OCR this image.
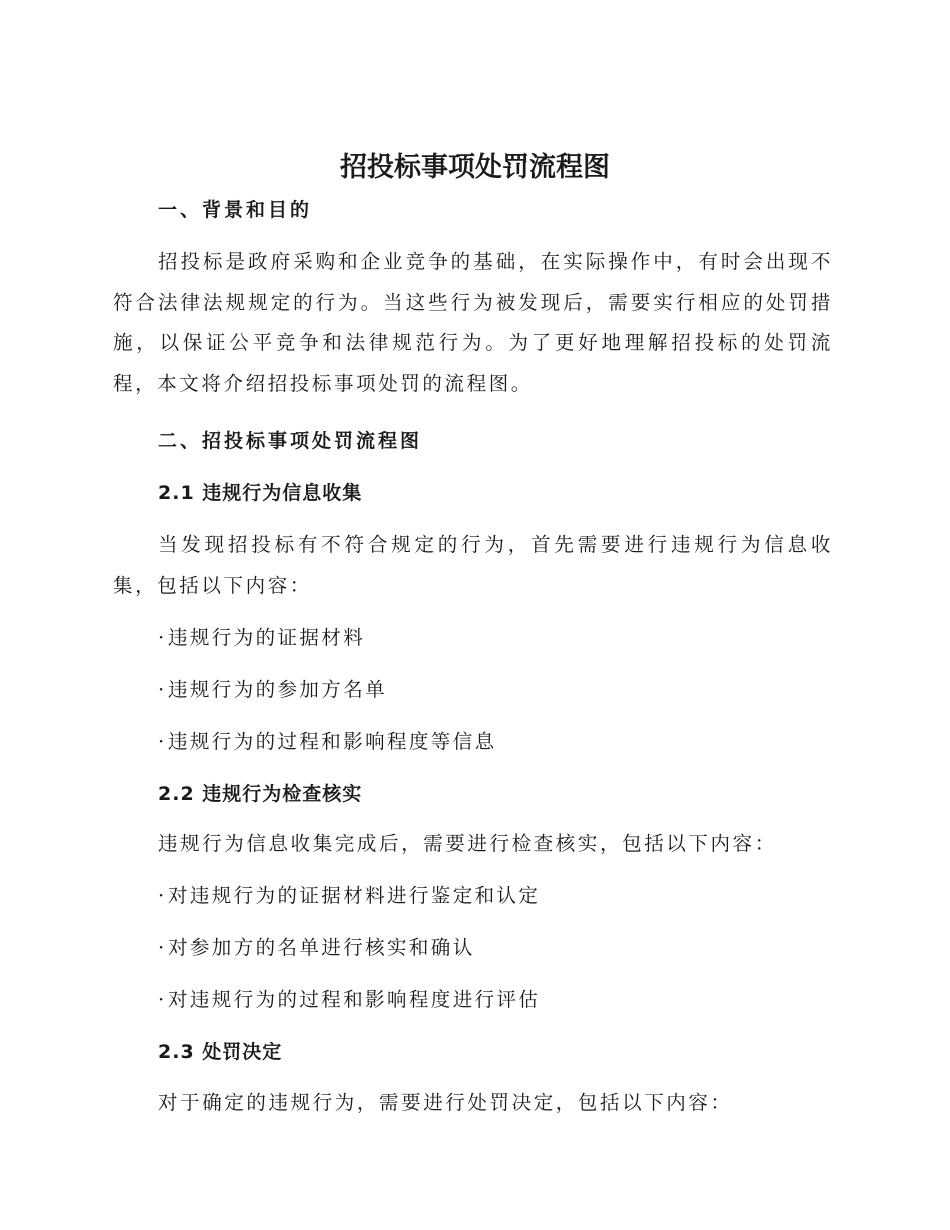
招投标事项处罚流程图
一、背景和目的

招投标是政府采购和企业竞争的基础，在实际操作中，有时会出现不符合法律法规规定的行为。当这些行为被发现后，需要实行相应的处罚措施，以保证公平竞争和法律规范行为。为了更好地理解招投标的处罚流程，本文将介绍招投标事项处罚的流程图。

二、招投标事项处罚流程图
2.1 违规行为信息收集

当发现招投标有不符合规定的行为，首先需要进行违规行为信息收集，包括以下内容：

·违规行为的证据材料
·违规行为的参加方名单
·违规行为的过程和影响程度等信息
2.2 违规行为检查核实

违规行为信息收集完成后，需要进行检查核实，包括以下内容：

·对违规行为的证据材料进行鉴定和认定
·对参加方的名单进行核实和确认
·对违规行为的过程和影响程度进行评估
2.3 处罚决定

对于确定的违规行为，需要进行处罚决定，包括以下内容：
